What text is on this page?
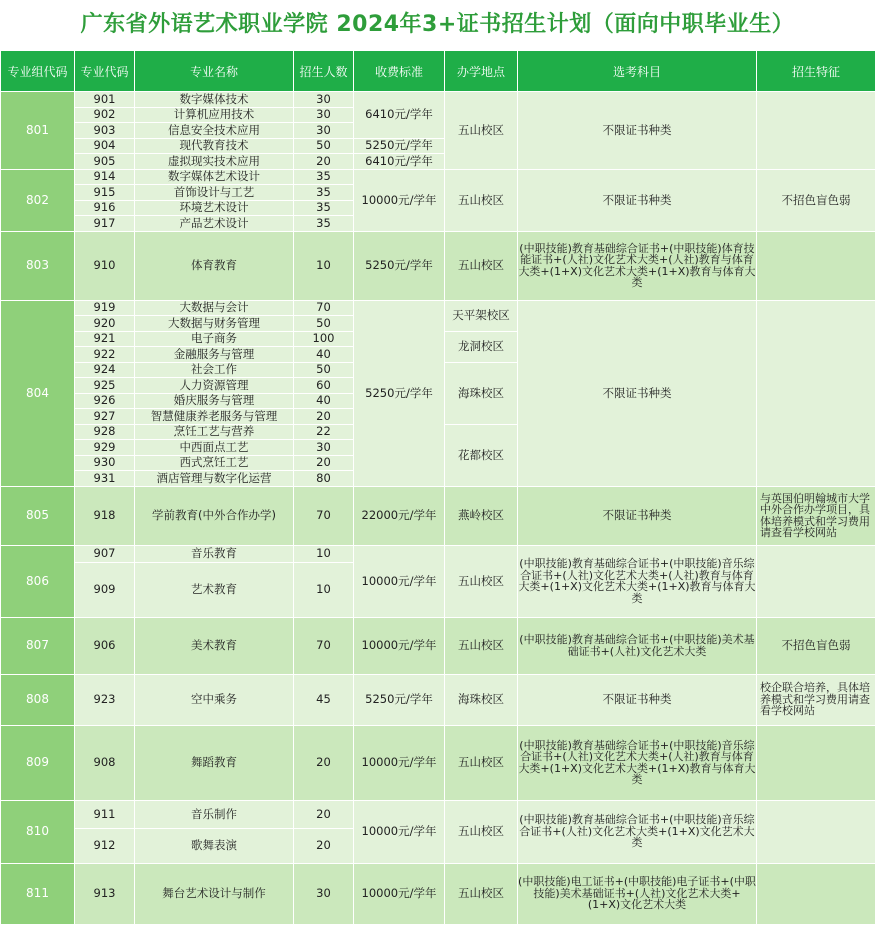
广东省外语艺术职业学院 2024年3+证书招生计划（面向中职毕业生）
专业组代码	专业代码	专业名称	招生人数	收费标准	办学地点	选考科目	招生特征
801	901	数字媒体技术	30	6410元/学年	五山校区	不限证书种类	
	902	计算机应用技术	30				
	903	信息安全技术应用	30				
	904	现代教育技术	50	5250元/学年			
	905	虚拟现实技术应用	20	6410元/学年			
802	914	数字媒体艺术设计	35	10000元/学年	五山校区	不限证书种类	不招色盲色弱
	915	首饰设计与工艺	35				
	916	环境艺术设计	35				
	917	产品艺术设计	35				
803	910	体育教育	10	5250元/学年	五山校区	(中职技能)教育基础综合证书+(中职技能)体育技能证书+(人社)文化艺术大类+(人社)教育与体育大类+(1+X)文化艺术大类+(1+X)教育与体育大类	
804	919	大数据与会计	70	5250元/学年	天平架校区	不限证书种类	
	920	大数据与财务管理	50				
	921	电子商务	100		龙洞校区		
	922	金融服务与管理	40				
	924	社会工作	50		海珠校区		
	925	人力资源管理	60				
	926	婚庆服务与管理	40				
	927	智慧健康养老服务与管理	20				
	928	烹饪工艺与营养	22		花都校区		
	929	中西面点工艺	30				
	930	西式烹饪工艺	20				
	931	酒店管理与数字化运营	80				
805	918	学前教育(中外合作办学)	70	22000元/学年	燕岭校区	不限证书种类	与英国伯明翰城市大学中外合作办学项目，具体培养模式和学习费用请查看学校网站
806	907	音乐教育	10	10000元/学年	五山校区	(中职技能)教育基础综合证书+(中职技能)音乐综合证书+(人社)文化艺术大类+(人社)教育与体育大类+(1+X)文化艺术大类+(1+X)教育与体育大类	
	909	艺术教育	10				
807	906	美术教育	70	10000元/学年	五山校区	(中职技能)教育基础综合证书+(中职技能)美术基础证书+(人社)文化艺术大类	不招色盲色弱
808	923	空中乘务	45	5250元/学年	海珠校区	不限证书种类	校企联合培养，具体培养模式和学习费用请查看学校网站
809	908	舞蹈教育	20	10000元/学年	五山校区	(中职技能)教育基础综合证书+(中职技能)音乐综合证书+(人社)文化艺术大类+(人社)教育与体育大类+(1+X)文化艺术大类+(1+X)教育与体育大类	
810	911	音乐制作	20	10000元/学年	五山校区	(中职技能)教育基础综合证书+(中职技能)音乐综合证书+(人社)文化艺术大类+(1+X)文化艺术大类	
	912	歌舞表演	20				
811	913	舞台艺术设计与制作	30	10000元/学年	五山校区	(中职技能)电工证书+(中职技能)电子证书+(中职技能)美术基础证书+(人社)文化艺术大类+(1+X)文化艺术大类	
